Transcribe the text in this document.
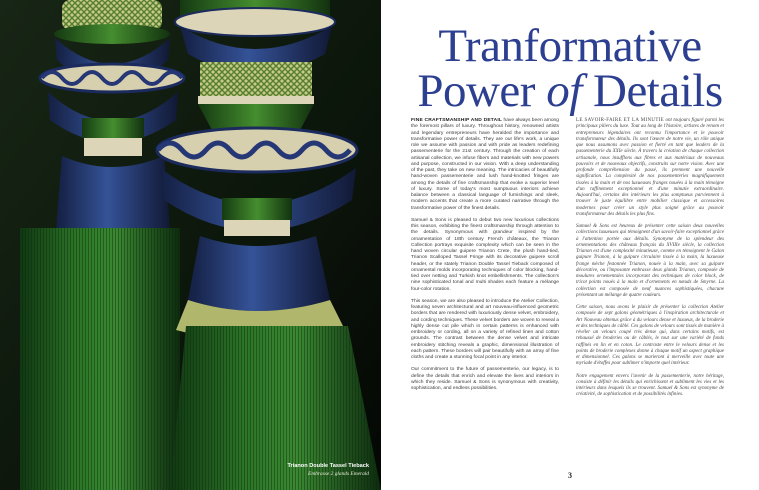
Trianon Double Tassel Tieback
Embrasse 2 glands Emerald
Tranformative
Power of Details

FINE CRAFTSMANSHIP AND DETAIL have always been among the foremost pillars of luxury. Throughout history, renowned artists and legendary entrepreneurs have heralded the importance and transformative power of details. They are our life's work, a unique role we assume with passion and with pride as leaders redefining passementerie for the 21st century. Through the creation of each artisanal collection, we infuse fibers and materials with new powers and purpose, constructed in our vision. With a deep understanding of the past, they take on new meaning. The intricacies of beautifully hand-woven passementerie and lush hand-knotted fringes are among the details of fine craftsmanship that evoke a superior level of luxury. Some of today's most sumptuous interiors achieve balance between a classical language of furnishings and sleek, modern accents that create a more curated narrative through the transformative power of the finest details.

Samuel & Sons is pleased to debut two new luxurious collections this season, exhibiting the finest craftsmanship through attention to the details. Synonymous with grandeur inspired by the ornamentation of 18th century French châteaux, the Trianon Collection portrays exquisite complexity which can be seen in the hand woven circular guipere Trianon Crete, the plush hand-tied, Trianon Scalloped Tassel Fringe with its decorative guipere scroll header, or the stately Trianon Double Tassel Tieback composed of ornamental molds incorporating techniques of color blocking, hand-tied over netting and Turkish knot embellishments. The collection's nine sophisticated tonal and multi shades each feature a mélange four-color rotation.

This season, we are also pleased to introduce the Atelier Collection, featuring seven architectural and art nouveau-influenced geometric borders that are rendered with luxuriously dense velvet, embroidery, and cording techniques. These velvet borders are woven to reveal a highly dense cut pile which in certain patterns is enhanced with embroidery or cording, all on a variety of refined linen and cotton grounds. The contrast between the dense velvet and intricate embroidery stitching reveals a graphic, dimensional illustration of each pattern. These borders will pair beautifully with an array of fine cloths and create a stunning focal point in any interior.

Our commitment to the future of passementerie, our legacy, is to define the details that enrich and elevate the lives and interiors in which they reside. Samuel & Sons is synonymous with creativity, sophistication, and endless possibilities.

LE SAVOIR-FAIRE ET LA MINUTIE ont toujours figuré parmi les principaux piliers du luxe. Tout au long de l'histoire, artistes de renom et entrepreneurs légendaires ont reconnu l'importance et le pouvoir transformateur des détails. Ils sont l'œuvre de notre vie, un rôle unique que nous assumons avec passion et fierté en tant que leaders de la passementerie du XXIe siècle. À travers la création de chaque collection artisanale, nous insufflons aux fibres et aux matériaux de nouveaux pouvoirs et de nouveaux objectifs, construits sur notre vision. Avec une profonde compréhension du passé, ils prennent une nouvelle signification. La complexité de nos passementeries magnifiquement tissées à la main et de nos luxueuses franges nouées à la main témoigne d'un raffinement exceptionnel et d'une minutie extraordinaire. Aujourd'hui, certains des intérieurs les plus somptueux parviennent à trouver le juste équilibre entre mobilier classique et accessoires modernes pour créer un style plus soigné grâce au pouvoir transformateur des détails les plus fins.

Samuel & Sons est heureux de présenter cette saison deux nouvelles collections luxueuses qui témoignent d'un savoir-faire exceptionnel grâce à l'attention portée aux détails. Synonyme de la splendeur des ornementations des châteaux français du XVIIIe siècle, la collection Trianon est d'une complexité minutieuse, comme en témoignent le Galon guipure Trianon, à la guipure circulaire tissée à la main, la luxueuse frange mèche festonnée Trianon, nouée à la main, avec sa guipure décorative, ou l'imposante embrasse deux glands Trianon, composée de moulures ornementales incorporant des techniques de color block, de tricot points noués à la main et d'ornements en nœuds de Smyrne. La collection est composée de neuf nuances sophistiquées, chacune présentant un mélange de quatre couleurs.

Cette saison, nous avons le plaisir de présenter la collection Atelier composée de sept galons géométriques à l'inspiration architecturale et Art Nouveau obtenus grâce à du velours dense et luxueux, de la broderie et des techniques de câblé. Ces galons de velours sont tissés de manière à révéler un velours coupé très dense qui, dans certains motifs, est rehaussé de broderies ou de câblés, le tout sur une variété de fonds raffinés en lin et en coton. Le contraste entre le velours dense et les points de broderie complexes donne à chaque motif un aspect graphique et dimensionnel. Ces galons se marieront à merveille avec toute une myriade d'étoffes pour sublimer n'importe quel intérieur.

Notre engagement envers l'avenir de la passementerie, notre héritage, consiste à définir les détails qui enrichissent et subliment les vies et les intérieurs dans lesquels ils se trouvent. Samuel & Sons est synonyme de créativité, de sophistication et de possibilités infinies.

3
